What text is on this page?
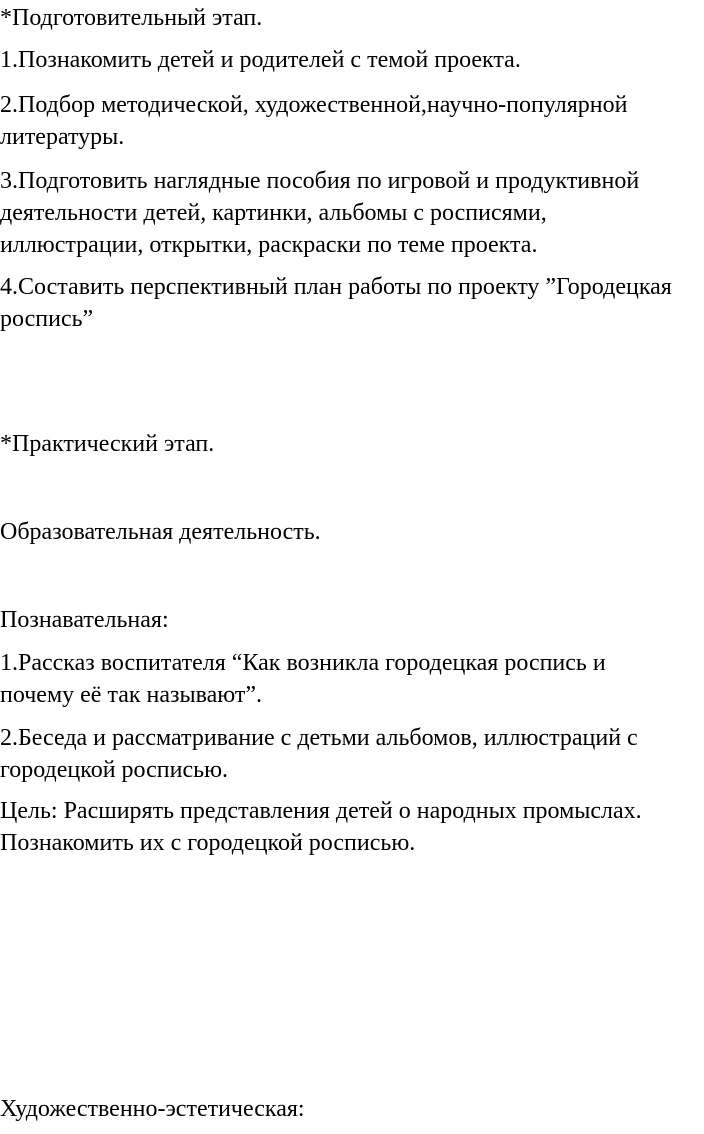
*Подготовительный этап.

1.Познакомить детей и родителей с темой проекта.

2.Подбор методической, художественной,научно-популярной

литературы.

3.Подготовить наглядные пособия по игровой и продуктивной

деятельности детей, картинки, альбомы с росписями,

иллюстрации, открытки, раскраски по теме проекта.

4.Составить перспективный план работы по проекту ”Городецкая

роспись”

*Практический этап.

Образовательная деятельность.

Познавательная:

1.Рассказ воспитателя “Как возникла городецкая роспись и

почему её так называют”.

2.Беседа и рассматривание с детьми альбомов, иллюстраций с

городецкой росписью.

Цель: Расширять представления детей о народных промыслах.

Познакомить их с городецкой росписью.

Художественно-эстетическая:
